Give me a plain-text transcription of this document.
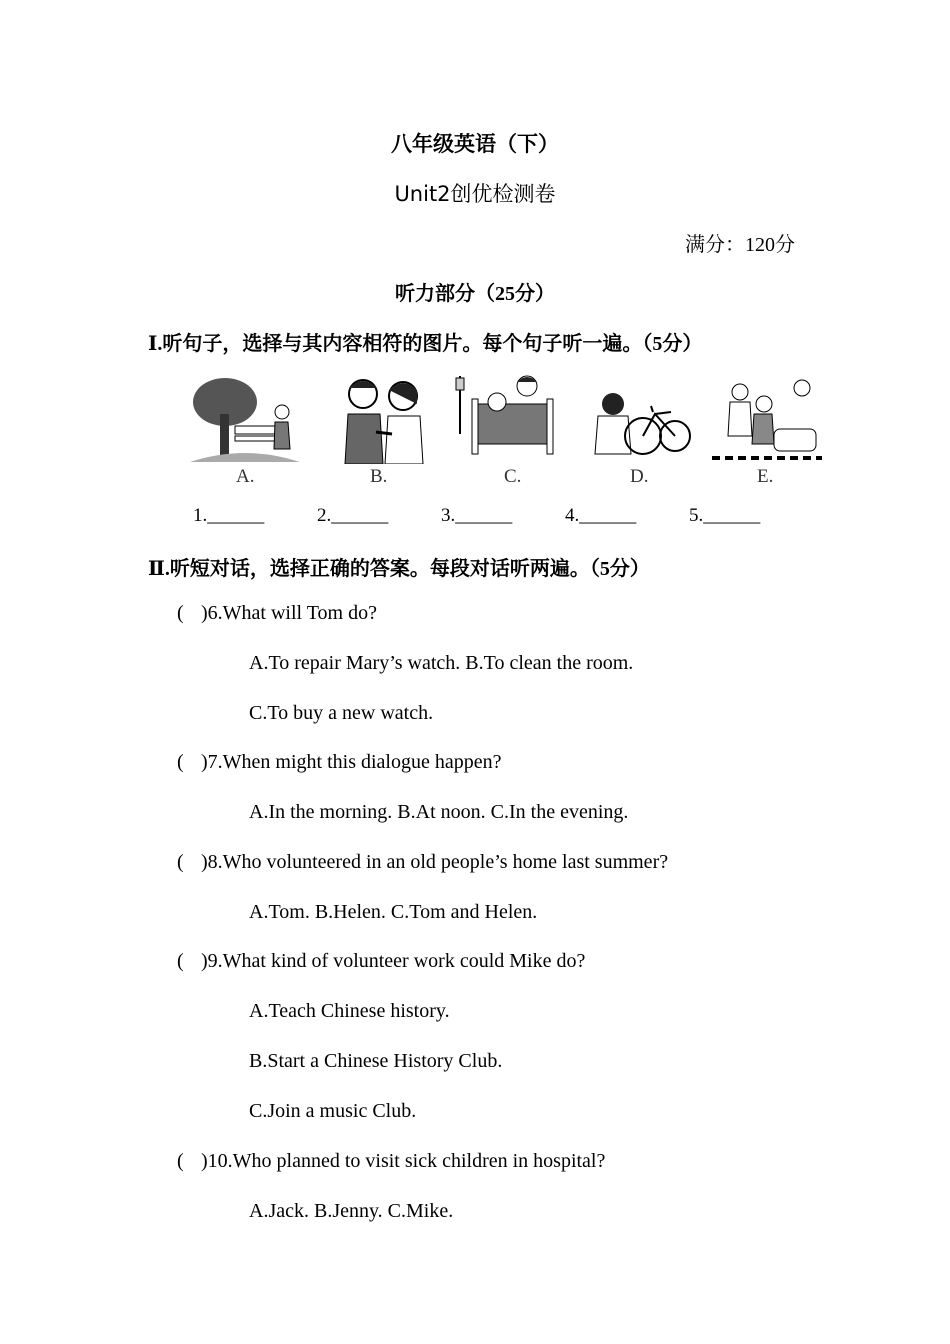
八年级英语（下）
Unit2创优检测卷
满分：120分
听力部分（25分）
Ⅰ.听句子，选择与其内容相符的图片。每个句子听一遍。（5分）
A.	B.	C.	D.	E.
1.______	2.______	3.______	4.______	5.______
Ⅱ.听短对话，选择正确的答案。每段对话听两遍。（5分）
( )6.What will Tom do?
A.To repair Mary’s watch. B.To clean the room.
C.To buy a new watch.
( )7.When might this dialogue happen?
A.In the morning. B.At noon. C.In the evening.
( )8.Who volunteered in an old people’s home last summer?
A.Tom. B.Helen. C.Tom and Helen.
( )9.What kind of volunteer work could Mike do?
A.Teach Chinese history.
B.Start a Chinese History Club.
C.Join a music Club.
( )10.Who planned to visit sick children in hospital?
A.Jack. B.Jenny. C.Mike.
